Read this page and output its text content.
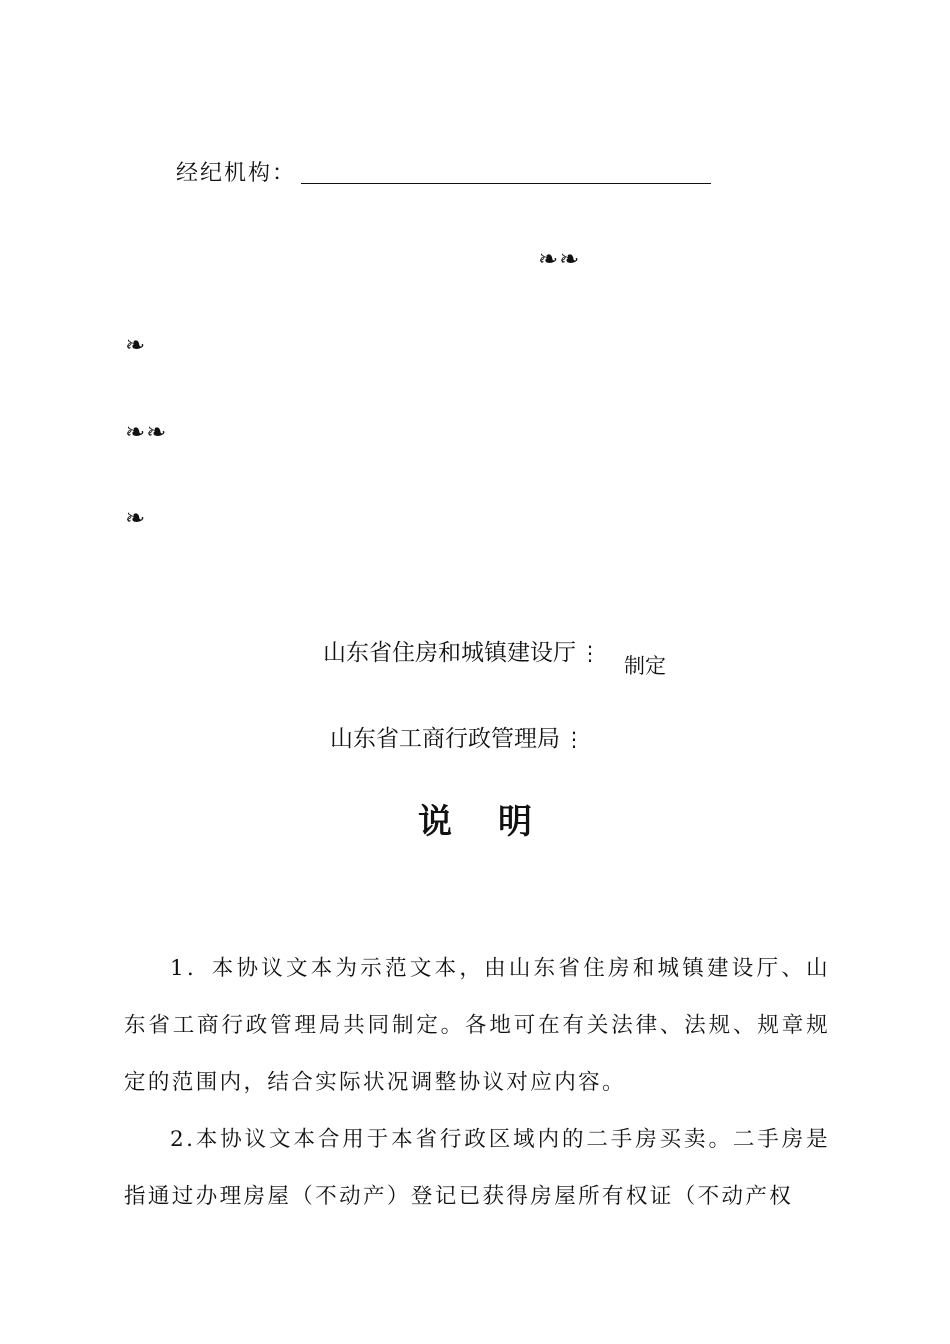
经纪机构：
❧❧
❧
❧❧
❧
山东省住房和城镇建设厅 ⋮
制定
山东省工商行政管理局 ⋮
说明

1．本协议文本为示范文本，由山东省住房和城镇建设厅、山东省工商行政管理局共同制定。各地可在有关法律、法规、规章规定的范围内，结合实际状况调整协议对应内容。

2.本协议文本合用于本省行政区域内的二手房买卖。二手房是指通过办理房屋（不动产）登记已获得房屋所有权证（不动产权
